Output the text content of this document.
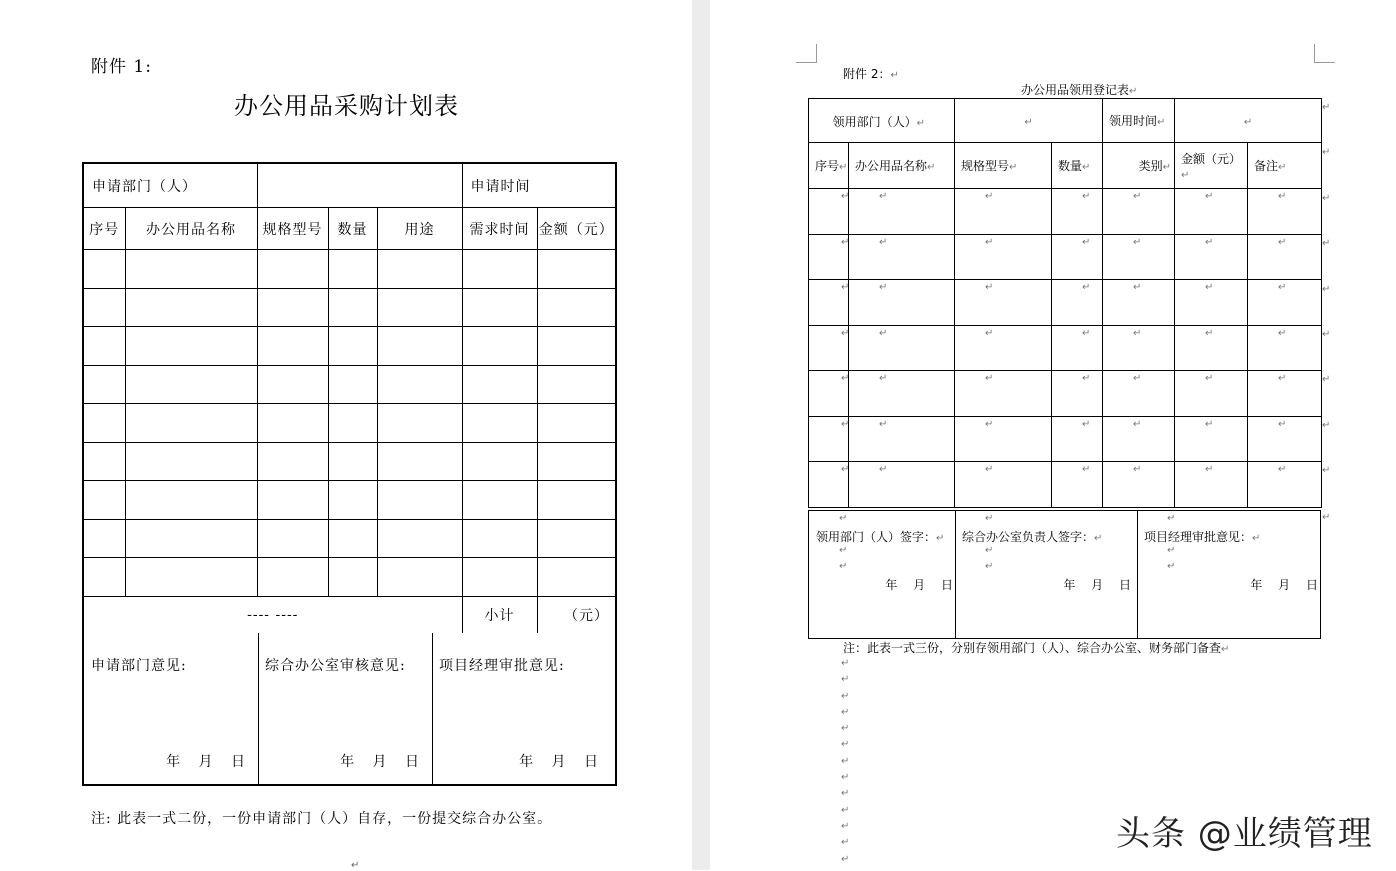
附件 1:
办公用品采购计划表
申请部门（人）					申请时间	
序号	办公用品名称	规格型号	数量	用途	需求时间	金额（元）

---- ----					小计	（元）

申请部门意见:
年 月 日
综合办公室审核意见:
年 月 日
项目经理审批意见:
年 月 日
注: 此表一式二份，一份申请部门（人）自存，一份提交综合办公室。
↵
附件 2：↵
办公用品领用登记表↵
领用部门（人）↵		↵		领用时间↵	↵	
序号↵	办公用品名称↵	规格型号↵	数量↵	类别↵	金额（元）↵	备注↵

↵	↵	↵	↵	↵	↵	↵

↵	↵	↵	↵	↵	↵	↵

↵	↵	↵	↵	↵	↵	↵

↵	↵	↵	↵	↵	↵	↵

↵	↵	↵	↵	↵	↵	↵

↵	↵	↵	↵	↵	↵	↵

↵	↵	↵	↵	↵	↵	↵
↵
领用部门（人）签字：↵
↵
↵
年 月 日
↵
综合办公室负责人签字：↵
↵
↵
年 月 日
↵
项目经理审批意见：↵
↵
↵
年 月 日
↵
↵
↵
↵
↵
↵
↵
↵
↵
↵
注：此表一式三份，分别存领用部门（人）、综合办公室、财务部门备查↵
↵
↵
↵
↵
↵
↵
↵
↵
↵
↵
↵
↵
↵
头条 @业绩管理
